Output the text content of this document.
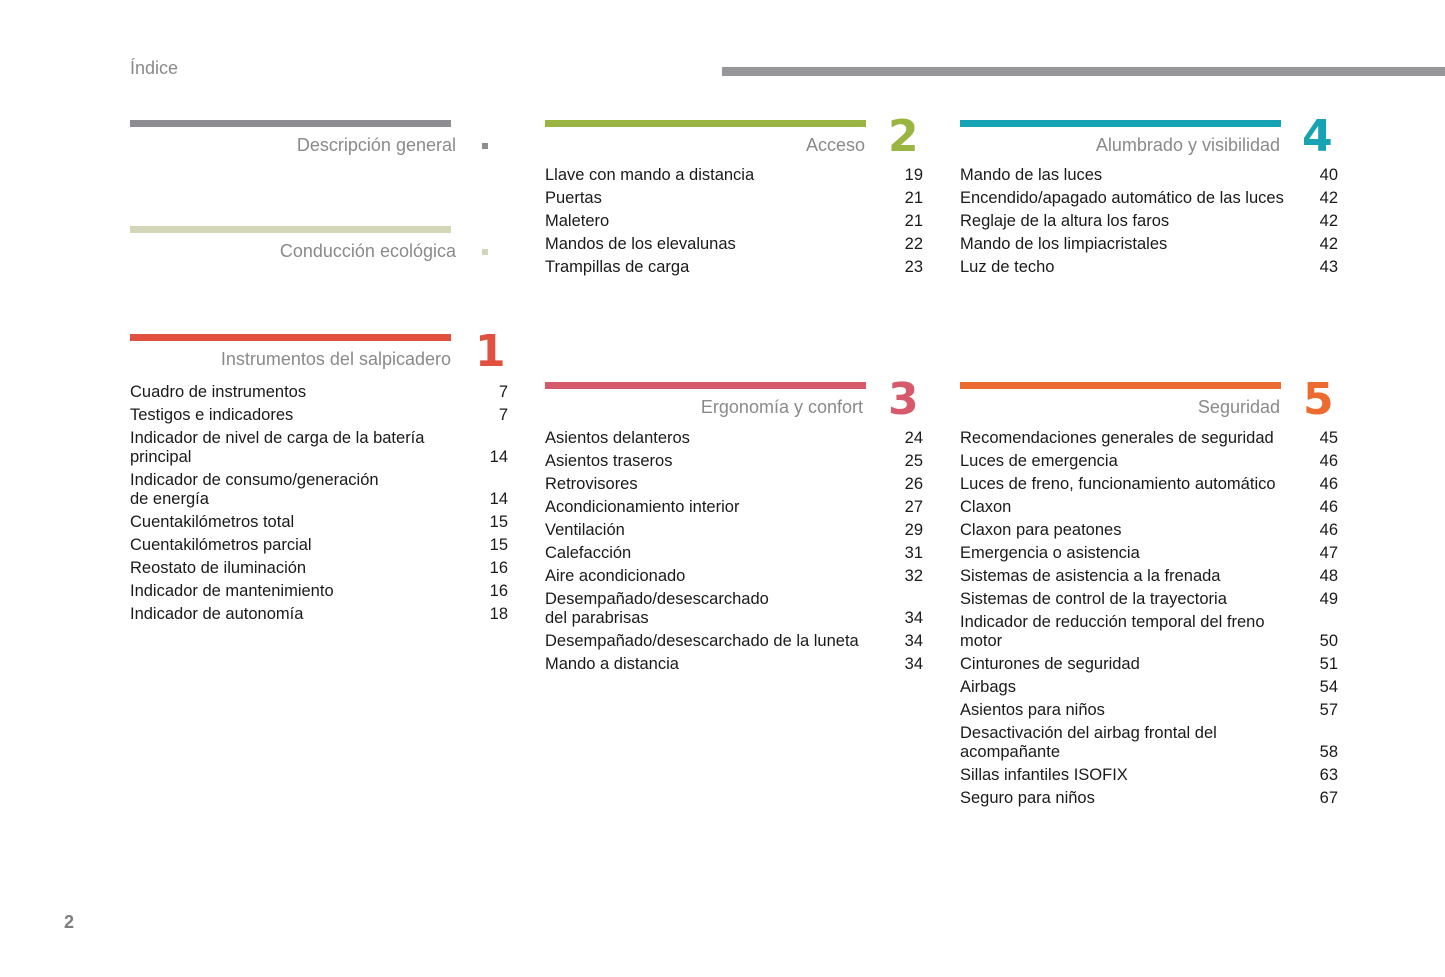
Índice
Descripción general
Conducción ecológica
Instrumentos del salpicadero 1
Cuadro de instrumentos	7
Testigos e indicadores	7
Indicador de nivel de carga de la batería
principal	14
Indicador de consumo/generación
de energía	14
Cuentakilómetros total	15
Cuentakilómetros parcial	15
Reostato de iluminación	16
Indicador de mantenimiento	16
Indicador de autonomía	18
Acceso 2
Llave con mando a distancia	19
Puertas	21
Maletero	21
Mandos de los elevalunas	22
Trampillas de carga	23
Ergonomía y confort 3
Asientos delanteros	24
Asientos traseros	25
Retrovisores	26
Acondicionamiento interior	27
Ventilación	29
Calefacción	31
Aire acondicionado	32
Desempañado/desescarchado
del parabrisas	34
Desempañado/desescarchado de la luneta	34
Mando a distancia	34
Alumbrado y visibilidad 4
Mando de las luces	40
Encendido/apagado automático de las luces	42
Reglaje de la altura los faros	42
Mando de los limpiacristales	42
Luz de techo	43
Seguridad 5
Recomendaciones generales de seguridad	45
Luces de emergencia	46
Luces de freno, funcionamiento automático	46
Claxon	46
Claxon para peatones	46
Emergencia o asistencia	47
Sistemas de asistencia a la frenada	48
Sistemas de control de la trayectoria	49
Indicador de reducción temporal del freno
motor	50
Cinturones de seguridad	51
Airbags	54
Asientos para niños	57
Desactivación del airbag frontal del
acompañante	58
Sillas infantiles ISOFIX	63
Seguro para niños	67
2
